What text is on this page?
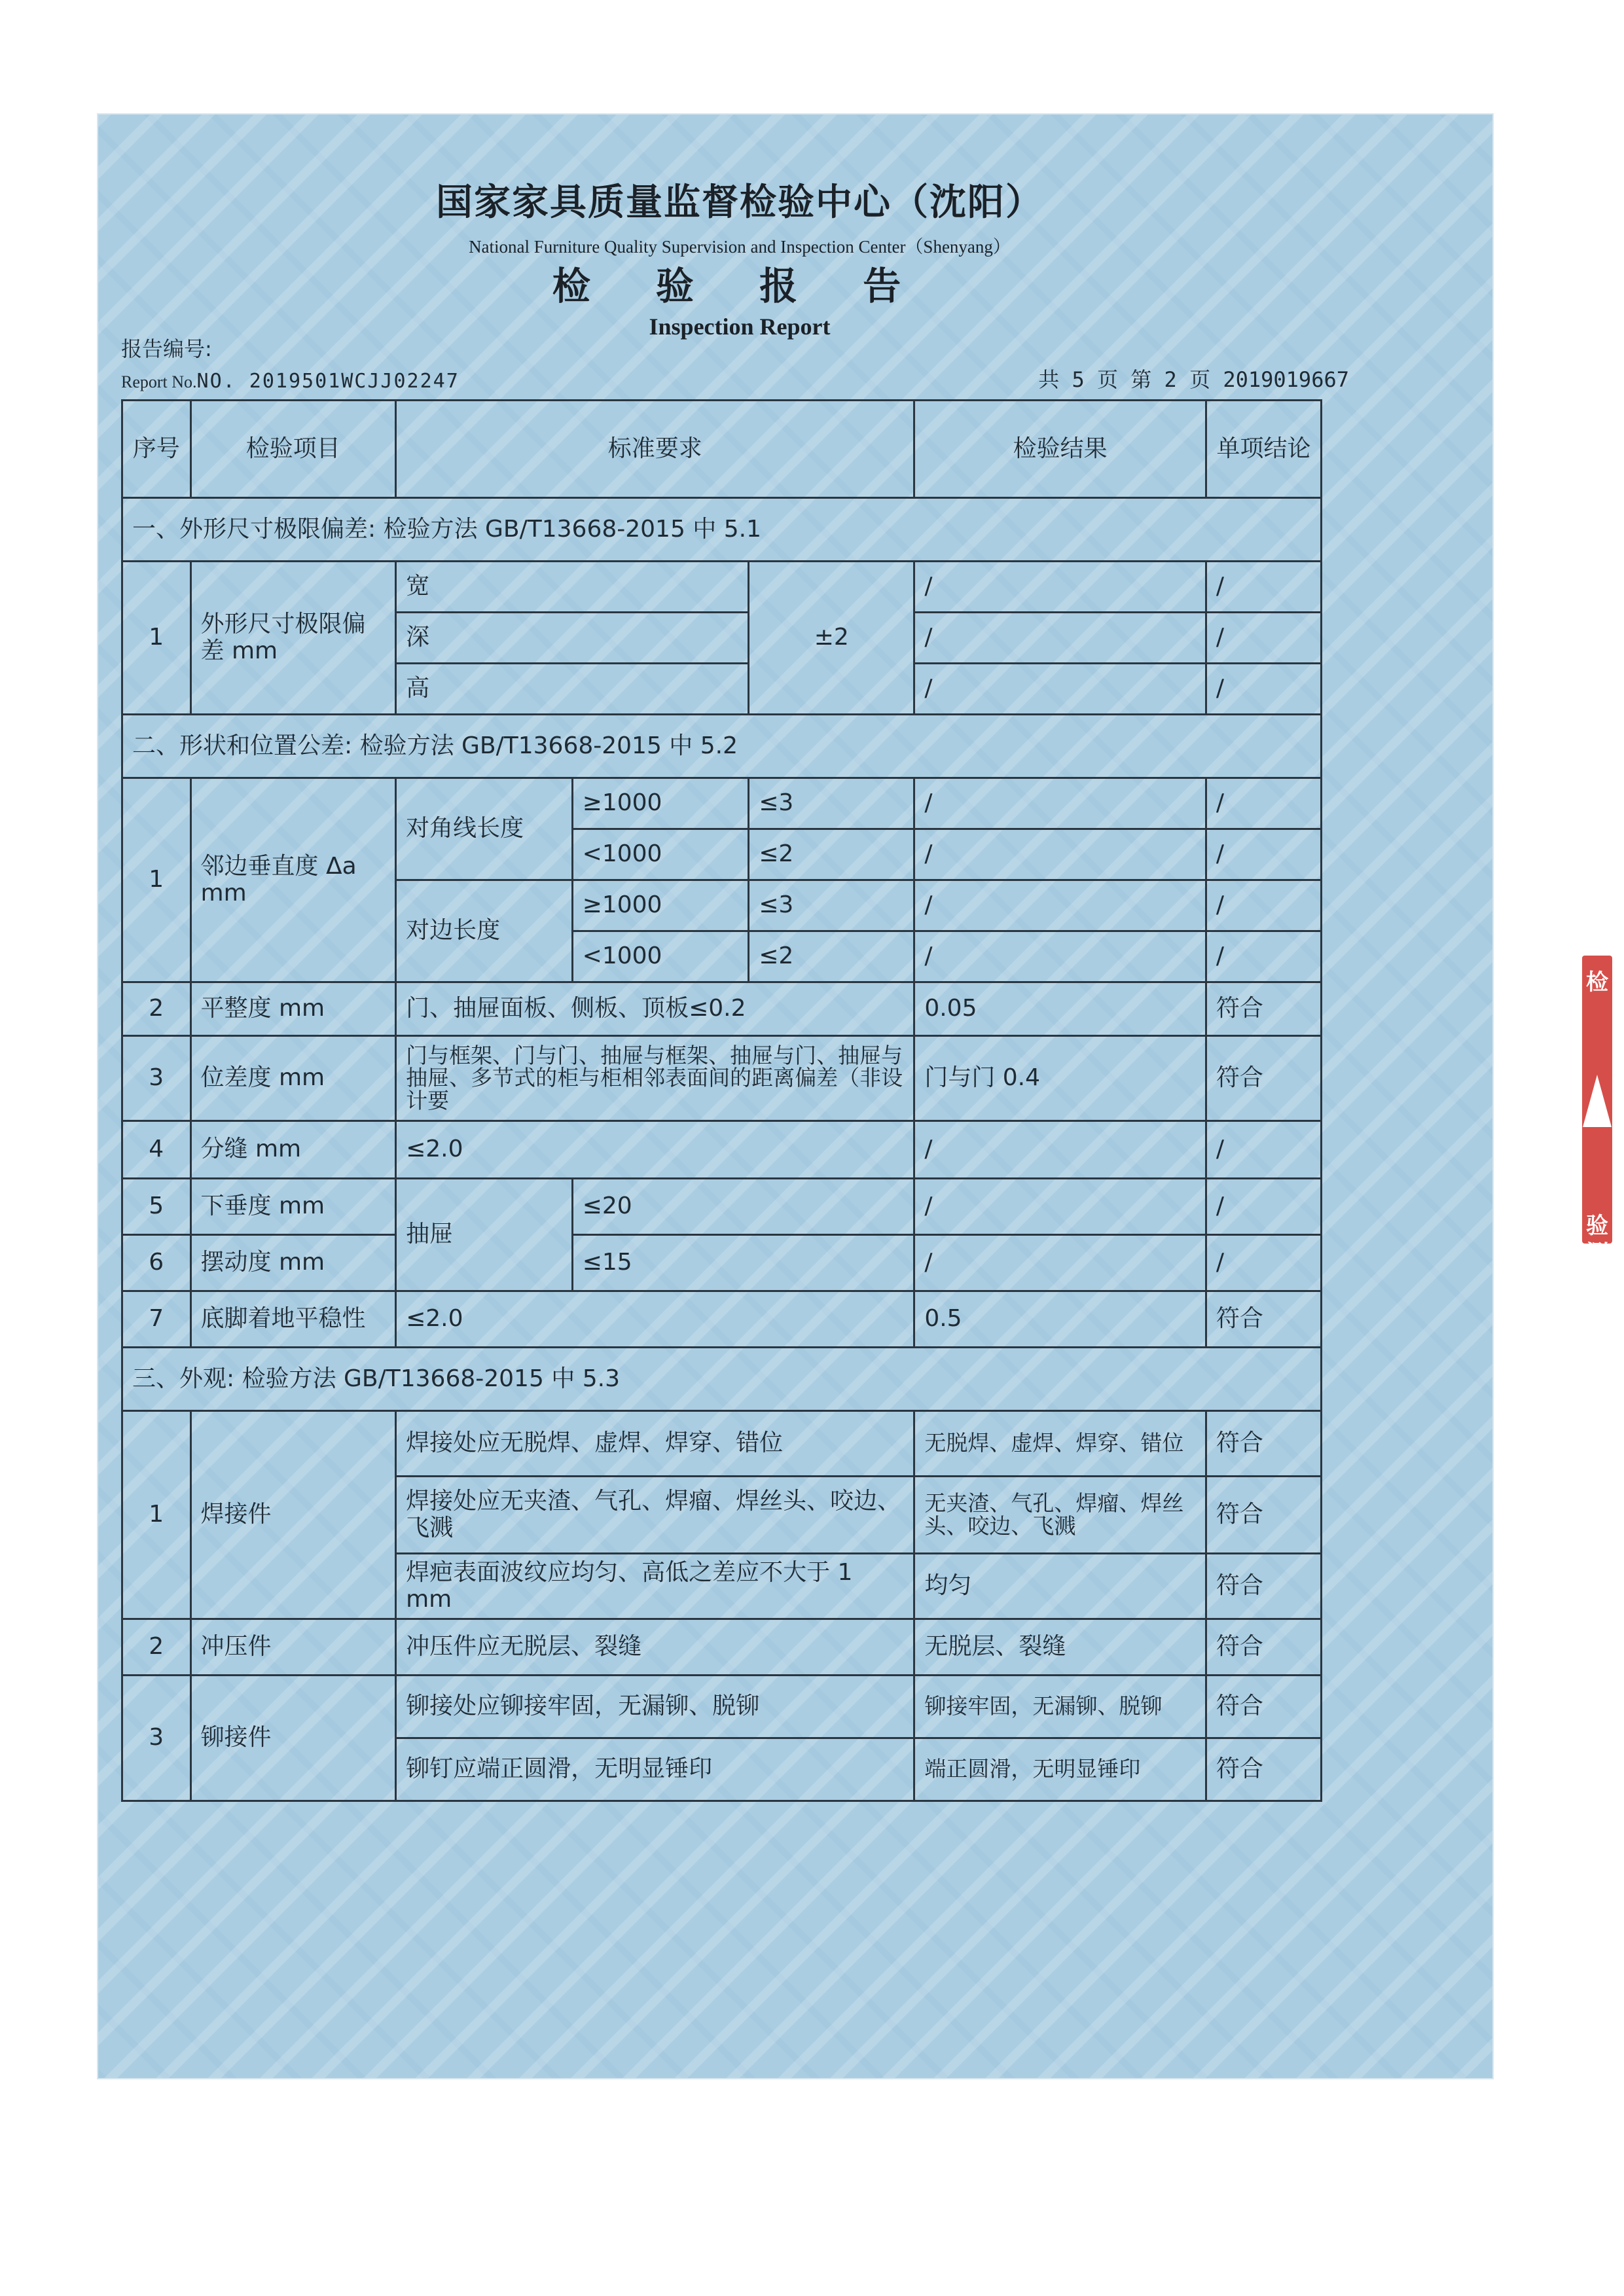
国家家具质量监督检验中心（沈阳）
National Furniture Quality Supervision and Inspection Center（Shenyang）
检 验 报 告
Inspection Report
报告编号:
Report No.NO. 2019501WCJJ02247	共 5 页 第 2 页 2019019667
序号	检验项目	标准要求			检验结果	单项结论
一、外形尺寸极限偏差: 检验方法 GB/T13668-2015 中 5.1						
1	外形尺寸极限偏差 mm	宽		±2	/	/
		深			/	/
		高			/	/
二、形状和位置公差: 检验方法 GB/T13668-2015 中 5.2						
1	邻边垂直度 Δa mm	对角线长度	≥1000	≤3	/	/
			<1000	≤2	/	/
		对边长度	≥1000	≤3	/	/
			<1000	≤2	/	/
2	平整度 mm	门、抽屉面板、侧板、顶板≤0.2			0.05	符合
3	位差度 mm	门与框架、门与门、抽屉与框架、抽屉与门、抽屉与抽屉、多节式的柜与柜相邻表面间的距离偏差（非设计要			门与门 0.4	符合
4	分缝 mm	≤2.0			/	/
5	下垂度 mm	抽屉	≤20		/	/
6	摆动度 mm		≤15		/	/
7	底脚着地平稳性	≤2.0			0.5	符合
三、外观: 检验方法 GB/T13668-2015 中 5.3						
1	焊接件	焊接处应无脱焊、虚焊、焊穿、错位			无脱焊、虚焊、焊穿、错位	符合
		焊接处应无夹渣、气孔、焊瘤、焊丝头、咬边、飞溅			无夹渣、气孔、焊瘤、焊丝头、咬边、飞溅	符合
		焊疤表面波纹应均匀、高低之差应不大于 1 mm			均匀	符合
2	冲压件	冲压件应无脱层、裂缝			无脱层、裂缝	符合
3	铆接件	铆接处应铆接牢固，无漏铆、脱铆			铆接牢固，无漏铆、脱铆	符合
		铆钉应端正圆滑，无明显锤印			端正圆滑，无明显锤印	符合
检
验测
